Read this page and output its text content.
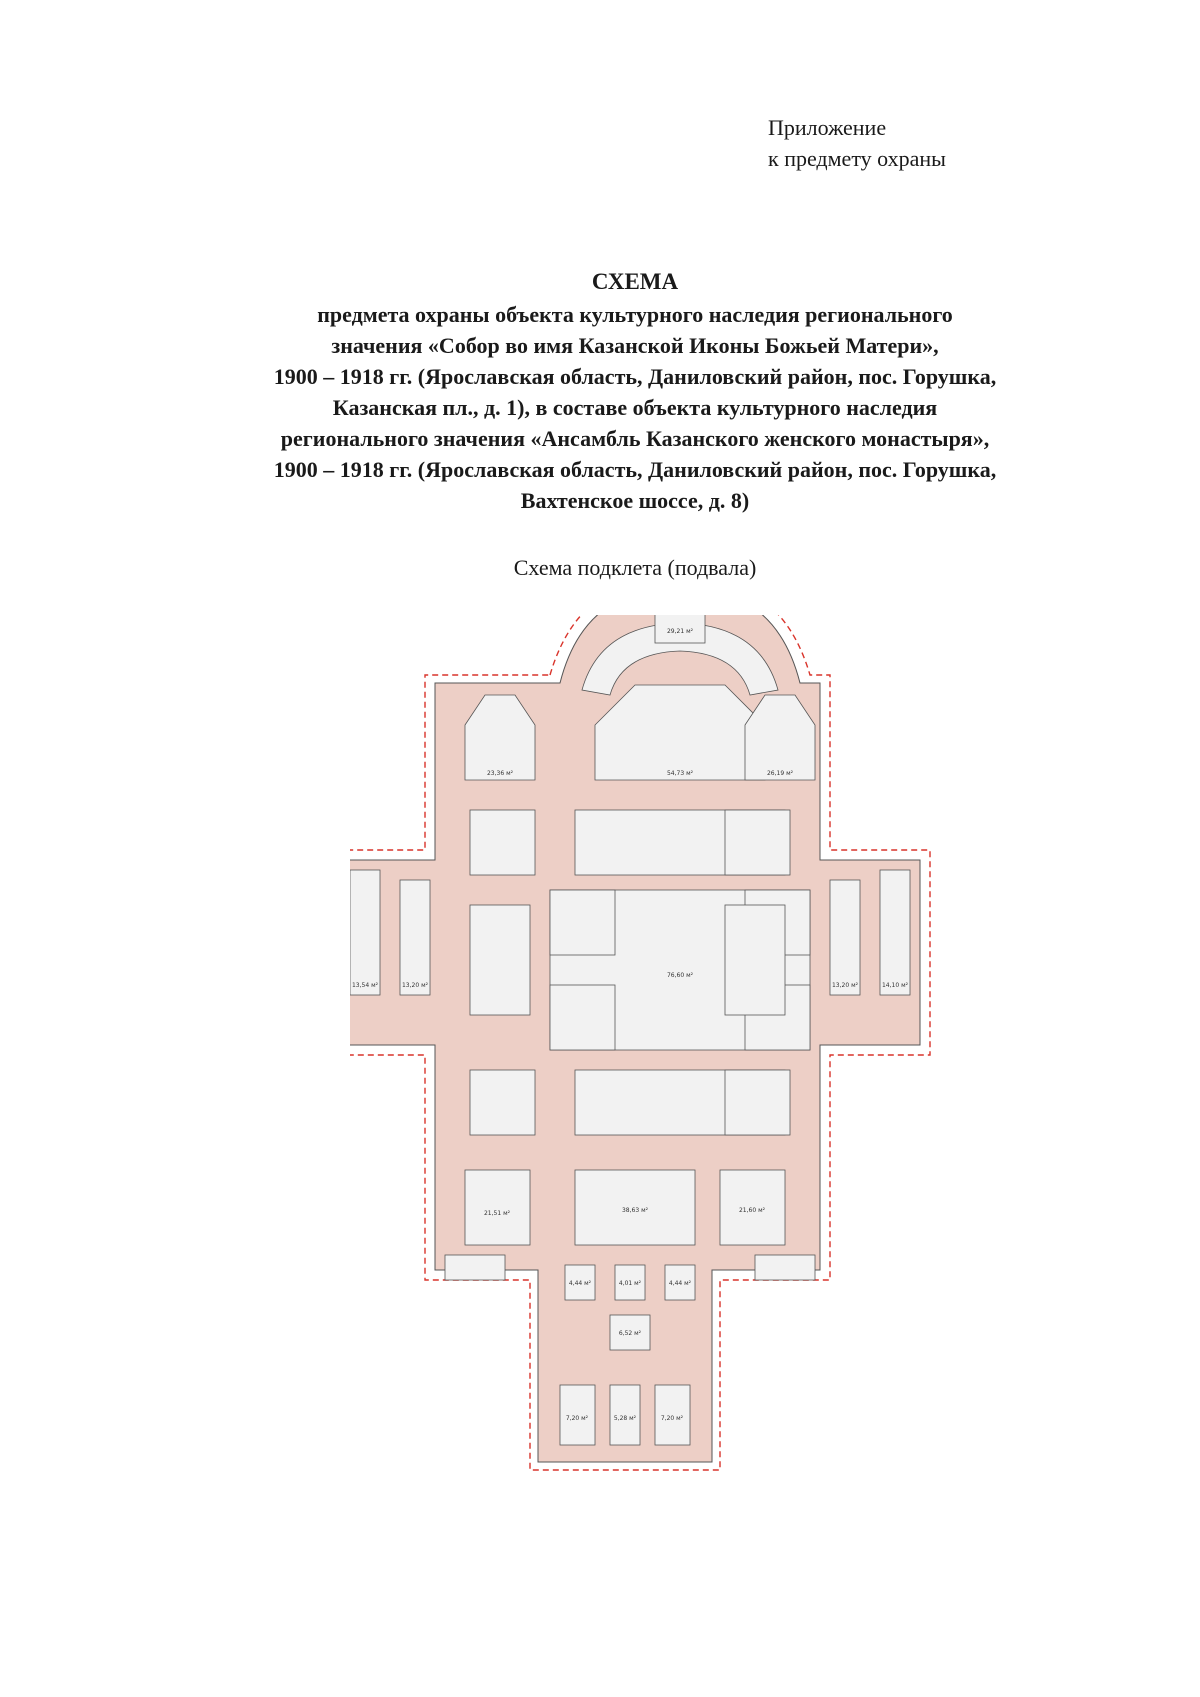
Приложение
к предмету охраны
СХЕМА
предмета охраны объекта культурного наследия регионального
значения «Собор во имя Казанской Иконы Божьей Матери»,
1900 – 1918 гг. (Ярославская область, Даниловский район, пос. Горушка,
Казанская пл., д. 1), в составе объекта культурного наследия
регионального значения «Ансамбль Казанского женского монастыря»,
1900 – 1918 гг. (Ярославская область, Даниловский район, пос. Горушка,
Вахтенское шоссе, д. 8)
Схема подклета (подвала)
29,21 м²
23,36 м²	54,73 м²	26,19 м²
13,54 м²	13,20 м²
76,60 м²
13,20 м²	14,10 м²
21,51 м²	38,63 м²	21,60 м²
4,44 м²	4,01 м²	4,44 м²
6,52 м²
7,20 м²	5,28 м²	7,20 м²
